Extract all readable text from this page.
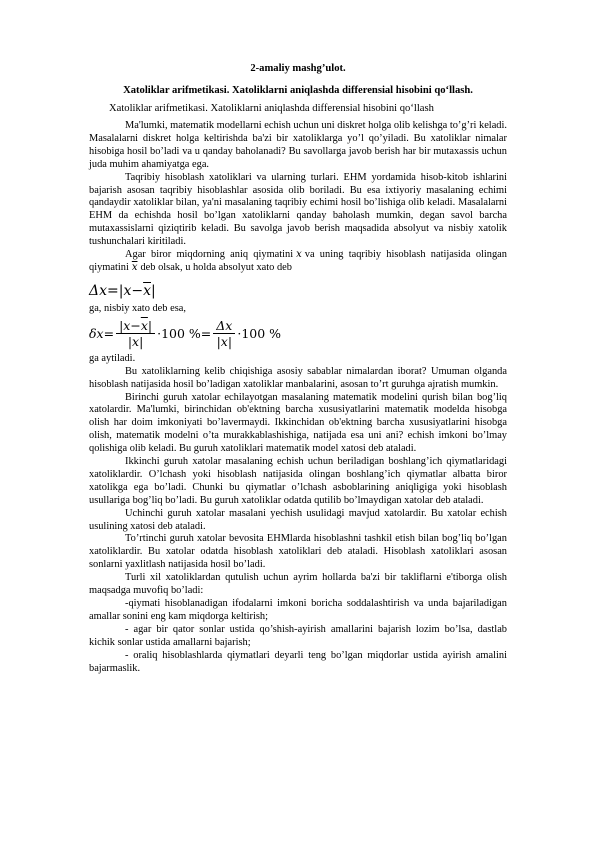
2-amaliy mashg’ulot.
Xatoliklar arifmetikasi. Xatoliklarni aniqlashda differensial hisobini qo‘llash.
Xatoliklar arifmetikasi. Xatoliklarni aniqlashda differensial hisobini qo‘llash

Ma'lumki, matematik modellarni echish uchun uni diskret holga olib kelishga to’g’ri keladi. Masalalarni diskret holga keltirishda ba'zi bir xatoliklarga yo’l qo’yiladi. Bu xatoliklar nimalar hisobiga hosil bo’ladi va u qanday baholanadi? Bu savollarga javob berish har bir mutaxassis uchun juda muhim ahamiyatga ega.

Taqribiy hisoblash xatoliklari va ularning turlari. EHM yordamida hisob-kitob ishlarini bajarish asosan taqribiy hisoblashlar asosida olib boriladi. Bu esa ixtiyoriy masalaning echimi qandaydir xatoliklar bilan, ya'ni masalaning taqribiy echimi hosil bo’lishiga olib keladi. Masalalarni EHM da echishda hosil bo’lgan xatoliklarni qanday baholash mumkin, degan savol barcha mutaxassislarni qiziqtirib keladi. Bu savolga javob berish maqsadida absolyut va nisbiy xatolik tushunchalari kiritiladi.

Agar biror miqdorning aniq qiymatini x va uning taqribiy hisoblash natijasida olingan qiymatini $\overline{x}$ deb olsak, u holda absolyut xato deb

$\Delta x=|x-\overline{x}|$

ga, nisbiy xato deb esa,

$\delta x = \frac{|x-\overline{x}|}{|x|} \cdot 100$ % = $\frac{\Delta x}{|x|} \cdot 100$ %

ga aytiladi.

Bu xatoliklarning kelib chiqishiga asosiy sabablar nimalardan iborat? Umuman olganda hisoblash natijasida hosil bo’ladigan xatoliklar manbalarini, asosan to’rt guruhga ajratish mumkin.

Birinchi guruh xatolar echilayotgan masalaning matematik modelini qurish bilan bog’liq xatolardir. Ma'lumki, birinchidan ob'ektning barcha xususiyatlarini matematik modelda hisobga olish har doim imkoniyati bo’lavermaydi. Ikkinchidan ob'ektning barcha xususiyatlarini hisobga olish, matematik modelni o’ta murakkablashishiga, natijada esa uni ani? echish imkoni bo’lmay qolishiga olib keladi. Bu guruh xatoliklari matematik model xatosi deb ataladi.

Ikkinchi guruh xatolar masalaning echish uchun beriladigan boshlang’ich qiymatlaridagi xatoliklardir. O’lchash yoki hisoblash natijasida olingan boshlang’ich qiymatlar albatta biror xatolikga ega bo’ladi. Chunki bu qiymatlar o’lchash asboblarining aniqligiga yoki hisoblash usullariga bog’liq bo’ladi. Bu guruh xatoliklar odatda qutilib bo’lmaydigan xatolar deb ataladi.

Uchinchi guruh xatolar masalani yechish usulidagi mavjud xatolardir. Bu xatolar echish usulining xatosi deb ataladi.

To’rtinchi guruh xatolar bevosita EHMlarda hisoblashni tashkil etish bilan bog’liq bo’lgan xatoliklardir. Bu xatolar odatda hisoblash xatoliklari deb ataladi. Hisoblash xatoliklari asosan sonlarni yaxlitlash natijasida hosil bo’ladi.

Turli xil xatoliklardan qutulish uchun ayrim hollarda ba'zi bir takliflarni e'tiborga olish maqsadga muvofiq bo’ladi:

-qiymati hisoblanadigan ifodalarni imkoni boricha soddalashtirish va unda bajariladigan amallar sonini eng kam miqdorga keltirish;

- agar bir qator sonlar ustida qo’shish-ayirish amallarini bajarish lozim bo’lsa, dastlab kichik sonlar ustida amallarni bajarish;

- oraliq hisoblashlarda qiymatlari deyarli teng bo’lgan miqdorlar ustida ayirish amalini bajarmaslik.
